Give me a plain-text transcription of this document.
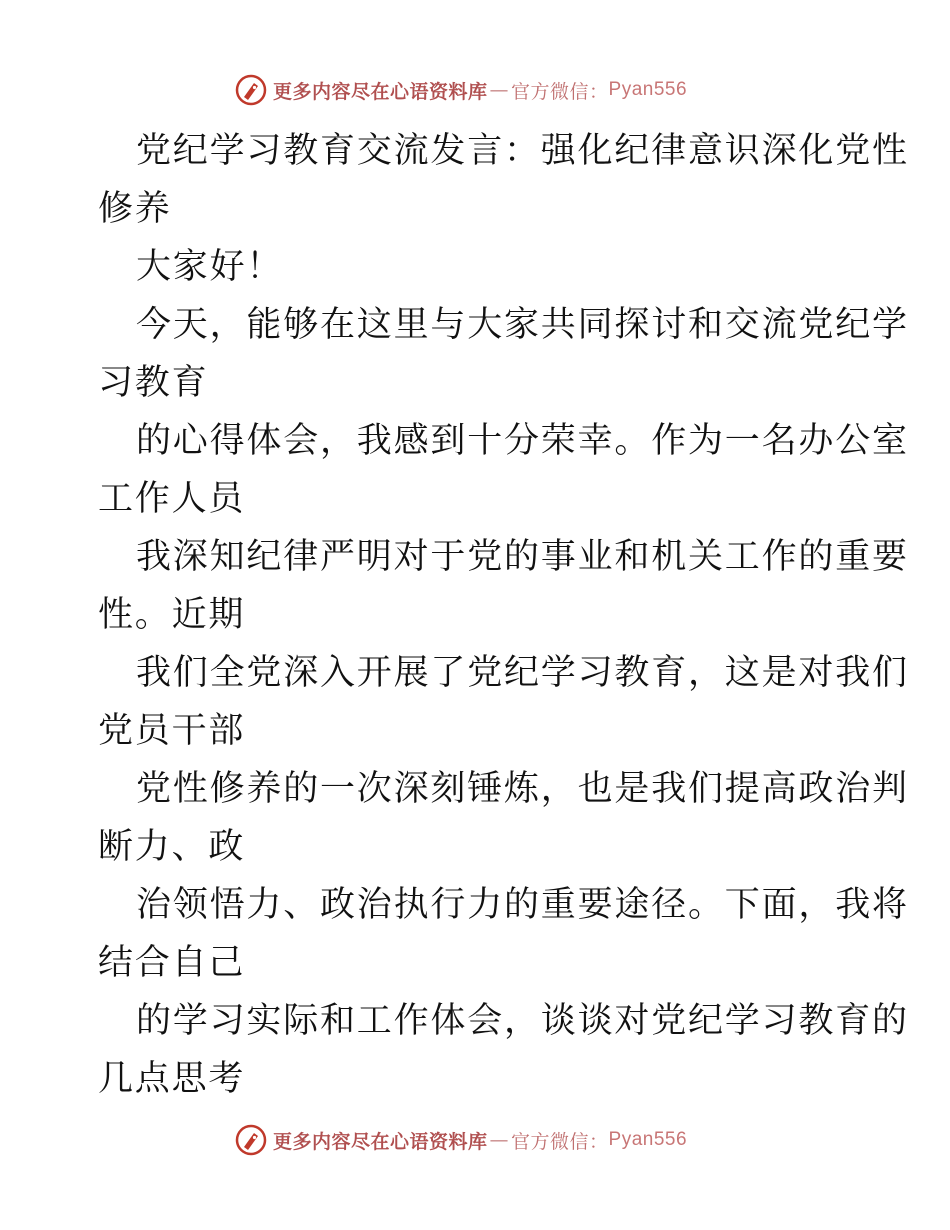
更多内容尽在心语资料库 — 官方微信： Pyan556
党纪学习教育交流发言：强化纪律意识深化党性
修养
大家好！
今天，能够在这里与大家共同探讨和交流党纪学
习教育
的心得体会，我感到十分荣幸。作为一名办公室
工作人员
我深知纪律严明对于党的事业和机关工作的重要
性。近期
我们全党深入开展了党纪学习教育，这是对我们
党员干部
党性修养的一次深刻锤炼，也是我们提高政治判
断力、政
治领悟力、政治执行力的重要途径。下面，我将
结合自己
的学习实际和工作体会，谈谈对党纪学习教育的
几点思考
更多内容尽在心语资料库 — 官方微信： Pyan556
